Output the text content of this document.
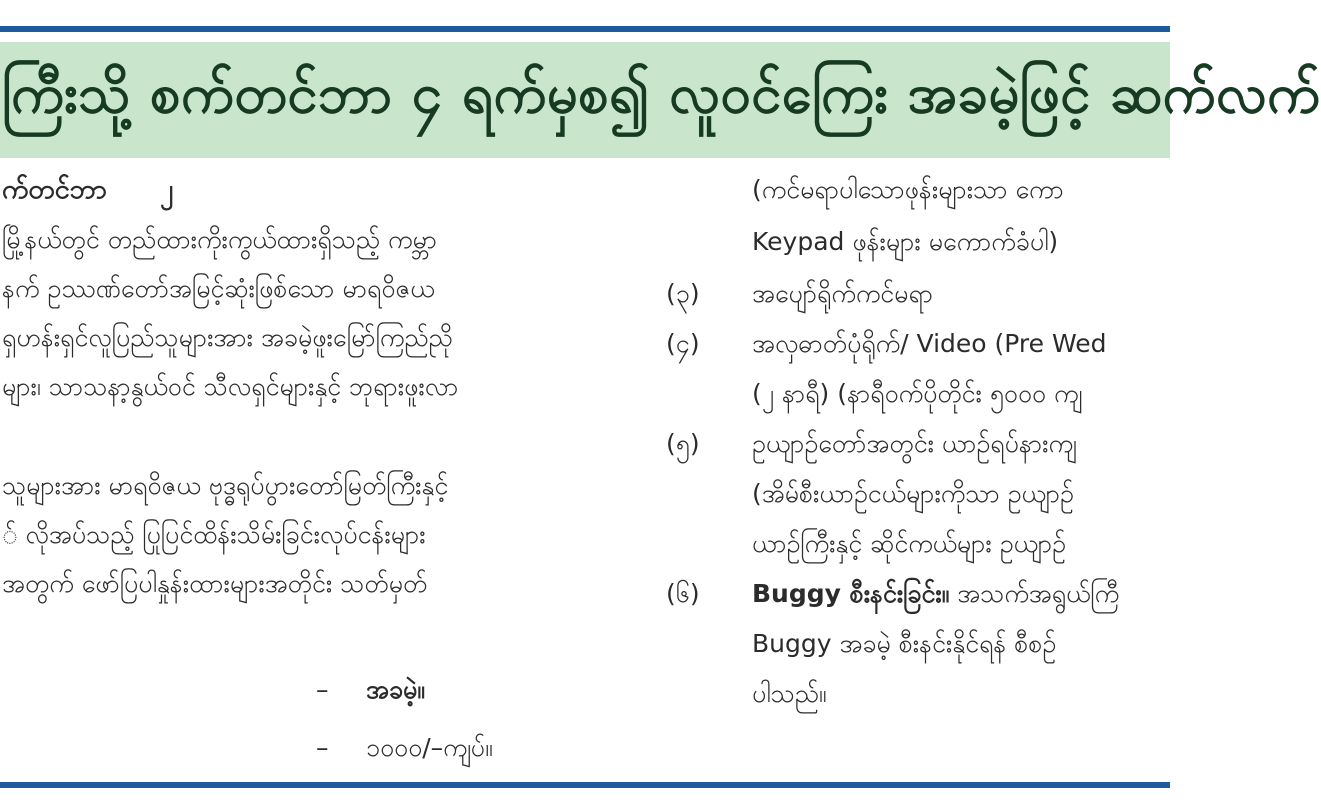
ကြီးသို့ စက်တင်ဘာ ၄ ရက်မှစ၍ လူဝင်ကြေး အခမဲ့ဖြင့် ဆက်လက်
က်တင်ဘာ ၂
မြို့နယ်တွင် တည်ထားကိုးကွယ်ထားရှိသည့် ကမ္ဘာ
နက် ဥဿဏ်တော်အမြင့်ဆုံးဖြစ်သော မာရဝိဇယ
ရှဟန်းရှင်လူပြည်သူများအား အခမဲ့ဖူးမြော်ကြည်ညို
များ၊ သာသနာ့နွယ်ဝင် သီလရှင်များနှင့် ဘုရားဖူးလာ
သူများအား မာရဝိဇယ ဗုဒ္ဓရုပ်ပွားတော်မြတ်ကြီးနှင့်
် လိုအပ်သည့် ပြုပြင်ထိန်းသိမ်းခြင်းလုပ်ငန်းများ
အတွက် ဖော်ပြပါနှုန်းထားများအတိုင်း သတ်မှတ်
– အခမဲ့။
– ၁၀၀၀/–ကျပ်။
(ကင်မရာပါသောဖုန်းများသာ ကော
Keypad ဖုန်းများ မကောက်ခံပါ)
(၃) အပျော်ရိုက်ကင်မရာ
(၄) အလှဓာတ်ပုံရိုက်/ Video (Pre Wed
(၂ နာရီ) (နာရီဝက်ပိုတိုင်း ၅၀၀၀ ကျ
(၅) ဥယျာဉ်တော်အတွင်း ယာဉ်ရပ်နားကျ
(အိမ်စီးယာဉ်ငယ်များကိုသာ ဥယျာဉ်
ယာဉ်ကြီးနှင့် ဆိုင်ကယ်များ ဥယျာဉ်
(၆) Buggy စီးနင်းခြင်း။ အသက်အရွယ်ကြီ
Buggy အခမဲ့ စီးနင်းနိုင်ရန် စီစဉ်
ပါသည်။
